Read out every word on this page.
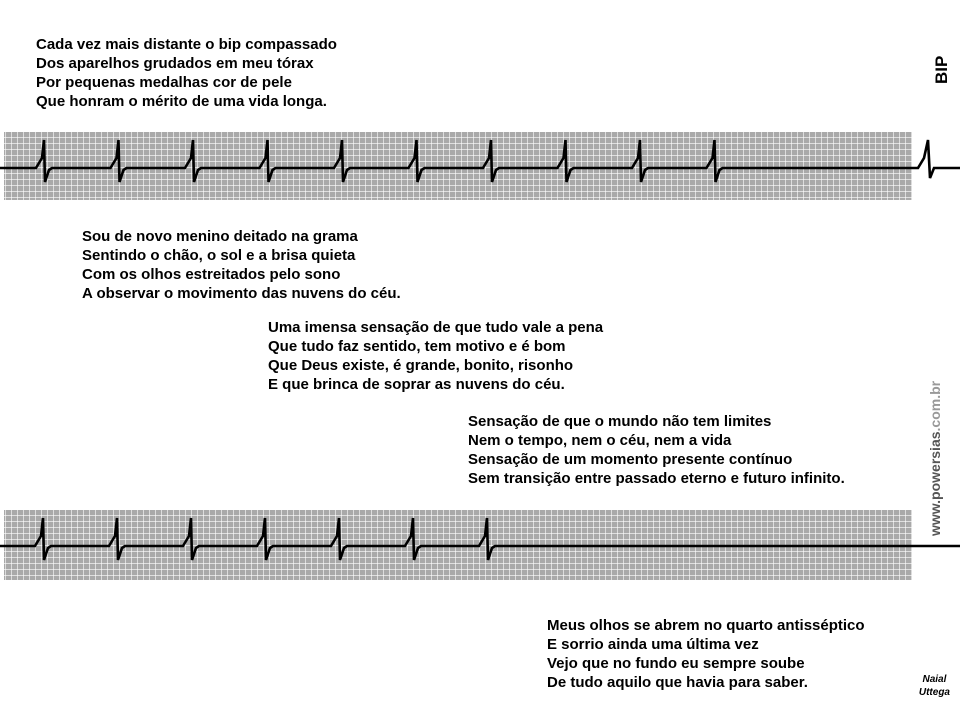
BIP
Cada vez mais distante o bip compassado
Dos aparelhos grudados em meu tórax
Por pequenas medalhas cor de pele
Que honram o mérito de uma vida longa.
Sou de novo menino deitado na grama
Sentindo o chão, o sol e a brisa quieta
Com os olhos estreitados pelo sono
A observar o movimento das nuvens do céu.
Uma imensa sensação de que tudo vale a pena
Que tudo faz sentido, tem motivo e é bom
Que Deus existe, é grande, bonito, risonho
E que brinca de soprar as nuvens do céu.
Sensação de que o mundo não tem limites
Nem o tempo, nem o céu, nem a vida
Sensação de um momento presente contínuo
Sem transição entre passado eterno e futuro infinito.
www.powersias.com.br
Meus olhos se abrem no quarto antisséptico
E sorrio ainda uma última vez
Vejo que no fundo eu sempre soube
De tudo aquilo que havia para saber.	Naial
Uttega
